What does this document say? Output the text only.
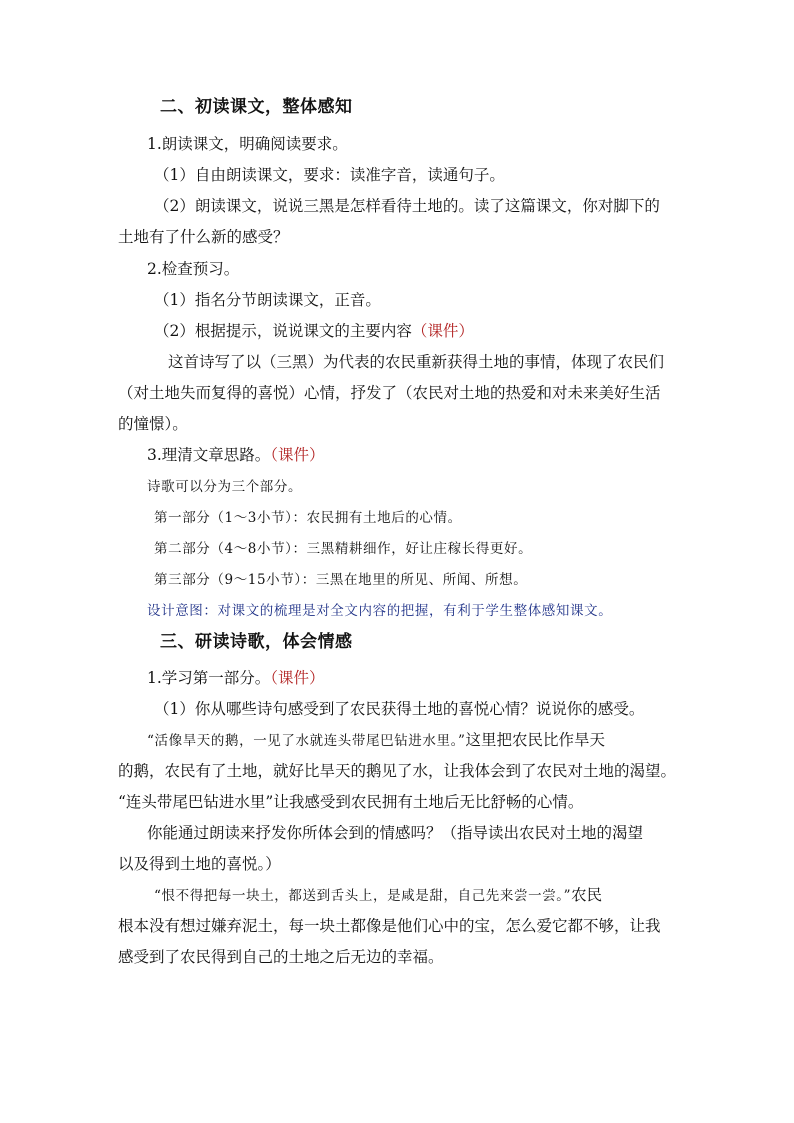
二、初读课文，整体感知
1.朗读课文，明确阅读要求。
（1）自由朗读课文，要求：读准字音，读通句子。
（2）朗读课文，说说三黑是怎样看待土地的。读了这篇课文，你对脚下的
土地有了什么新的感受？
2.检查预习。
（1）指名分节朗读课文，正音。
（2）根据提示，说说课文的主要内容（课件）
这首诗写了以（三黑）为代表的农民重新获得土地的事情，体现了农民们
（对土地失而复得的喜悦）心情，抒发了（农民对土地的热爱和对未来美好生活
的憧憬）。
3.理清文章思路。（课件）
诗歌可以分为三个部分。
第一部分（1～3小节）：农民拥有土地后的心情。
第二部分（4～8小节）：三黑精耕细作，好让庄稼长得更好。
第三部分（9～15小节）：三黑在地里的所见、所闻、所想。
设计意图：对课文的梳理是对全文内容的把握，有利于学生整体感知课文。
三、研读诗歌，体会情感
1.学习第一部分。（课件）
（1）你从哪些诗句感受到了农民获得土地的喜悦心情？说说你的感受。
“活像旱天的鹅，一见了水就连头带尾巴钻进水里。”这里把农民比作旱天
的鹅，农民有了土地，就好比旱天的鹅见了水，让我体会到了农民对土地的渴望。
“连头带尾巴钻进水里”让我感受到农民拥有土地后无比舒畅的心情。
你能通过朗读来抒发你所体会到的情感吗？（指导读出农民对土地的渴望
以及得到土地的喜悦。）
“恨不得把每一块土，都送到舌头上，是咸是甜，自己先来尝一尝。”农民
根本没有想过嫌弃泥土，每一块土都像是他们心中的宝，怎么爱它都不够，让我
感受到了农民得到自己的土地之后无边的幸福。
